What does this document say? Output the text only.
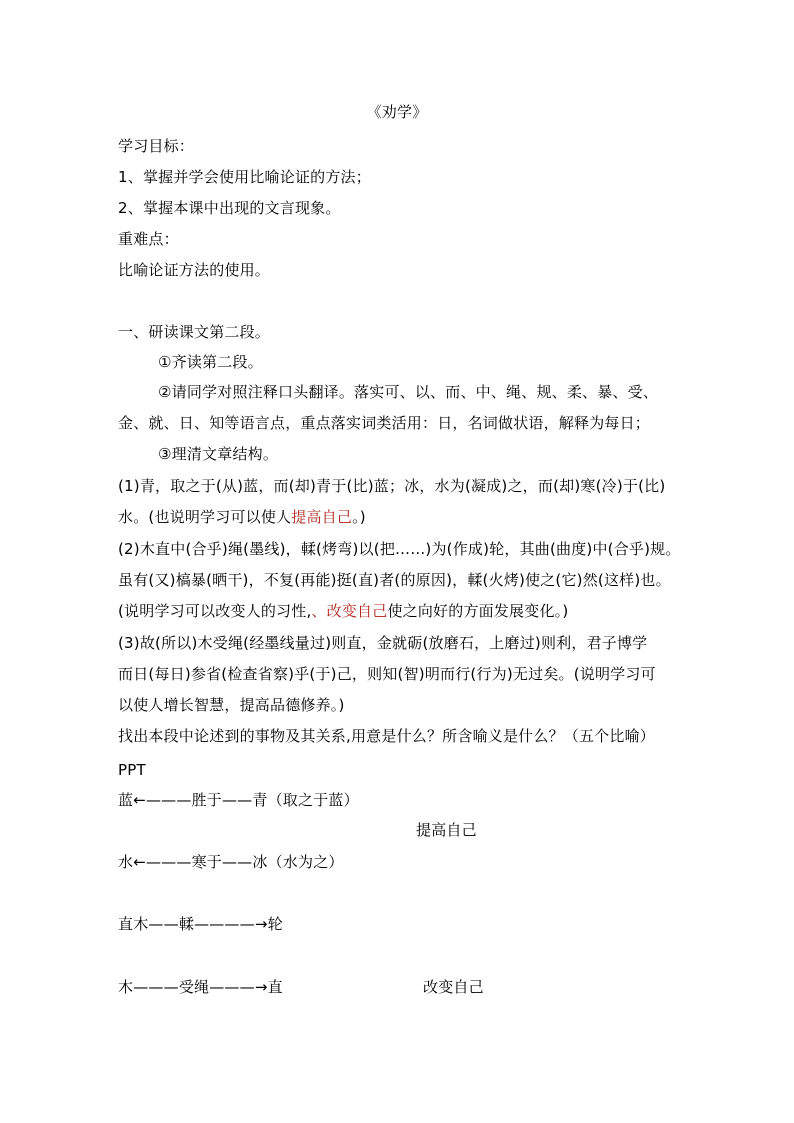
《劝学》
学习目标：
1、掌握并学会使用比喻论证的方法；
2、掌握本课中出现的文言现象。
重难点：
比喻论证方法的使用。
一、研读课文第二段。
①齐读第二段。
②请同学对照注释口头翻译。落实可、以、而、中、绳、规、柔、暴、受、
金、就、日、知等语言点，重点落实词类活用：日，名词做状语，解释为每日；
③理清文章结构。
(1)青，取之于(从)蓝，而(却)青于(比)蓝；冰，水为(凝成)之，而(却)寒(冷)于(比)
水。(也说明学习可以使人提高自己。)
(2)木直中(合乎)绳(墨线)，輮(烤弯)以(把……)为(作成)轮，其曲(曲度)中(合乎)规。
虽有(又)槁暴(晒干)，不复(再能)挺(直)者(的原因)，輮(火烤)使之(它)然(这样)也。
(说明学习可以改变人的习性,、改变自己使之向好的方面发展变化。)
(3)故(所以)木受绳(经墨线量过)则直，金就砺(放磨石，上磨过)则利，君子博学
而日(每日)参省(检查省察)乎(于)己，则知(智)明而行(行为)无过矣。(说明学习可
以使人增长智慧，提高品德修养。)
找出本段中论述到的事物及其关系,用意是什么？所含喻义是什么？（五个比喻）
PPT
蓝←———胜于——青（取之于蓝）
提高自己
水←———寒于——冰（水为之）
直木——輮————→轮
木———受绳———→直	改变自己
